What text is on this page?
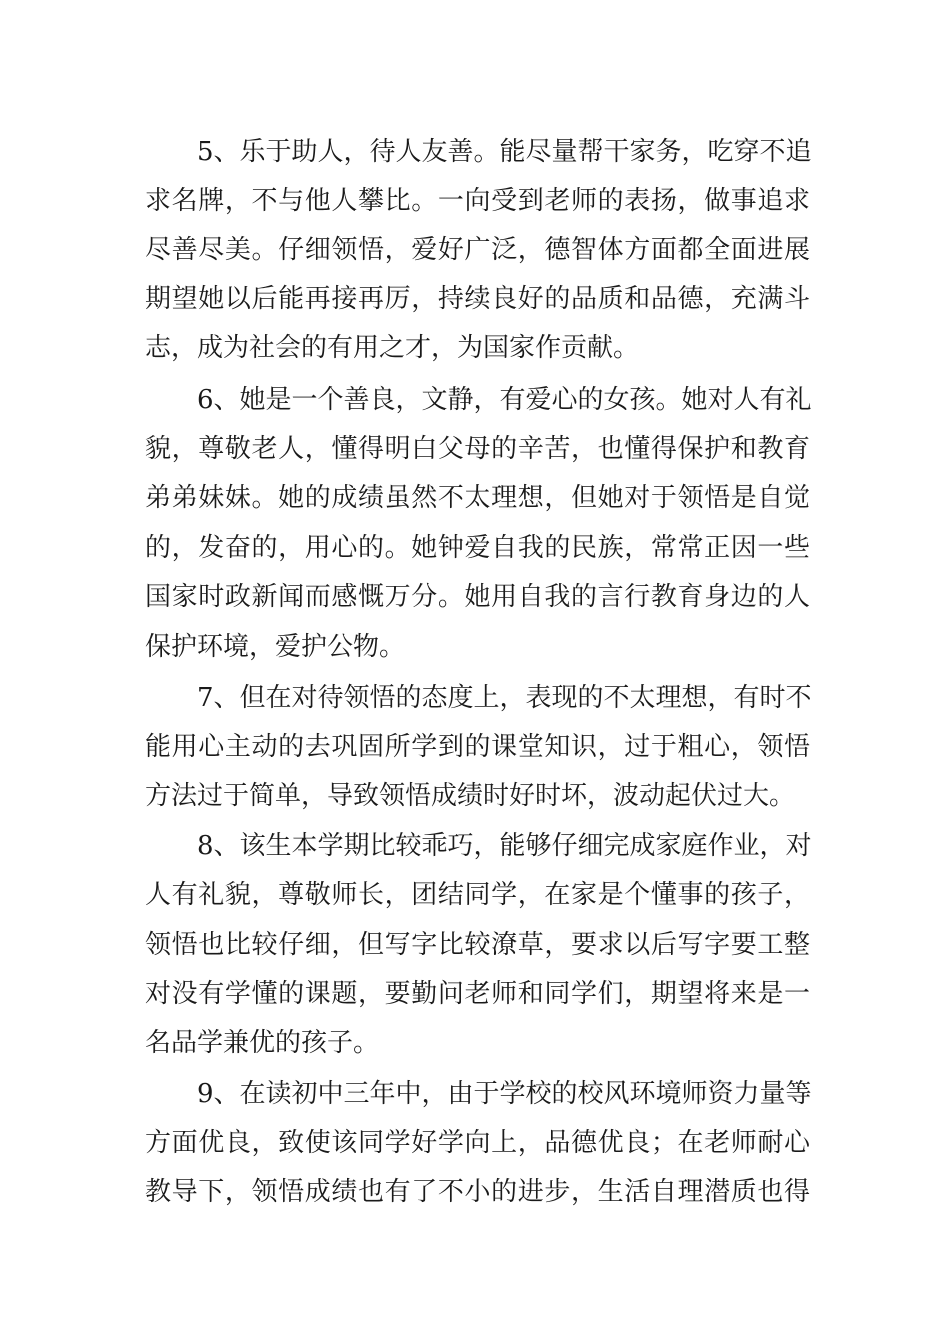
5、乐于助人，待人友善。能尽量帮干家务，吃穿不追
求名牌，不与他人攀比。一向受到老师的表扬，做事追求
尽善尽美。仔细领悟，爱好广泛，德智体方面都全面进展
期望她以后能再接再厉，持续良好的品质和品德，充满斗
志，成为社会的有用之才，为国家作贡献。
6、她是一个善良，文静，有爱心的女孩。她对人有礼
貌，尊敬老人，懂得明白父母的辛苦，也懂得保护和教育
弟弟妹妹。她的成绩虽然不太理想，但她对于领悟是自觉
的，发奋的，用心的。她钟爱自我的民族，常常正因一些
国家时政新闻而感慨万分。她用自我的言行教育身边的人
保护环境，爱护公物。
7、但在对待领悟的态度上，表现的不太理想，有时不
能用心主动的去巩固所学到的课堂知识，过于粗心，领悟
方法过于简单，导致领悟成绩时好时坏，波动起伏过大。
8、该生本学期比较乖巧，能够仔细完成家庭作业，对
人有礼貌，尊敬师长，团结同学，在家是个懂事的孩子，
领悟也比较仔细，但写字比较潦草，要求以后写字要工整
对没有学懂的课题，要勤问老师和同学们，期望将来是一
名品学兼优的孩子。
9、在读初中三年中，由于学校的校风环境师资力量等
方面优良，致使该同学好学向上，品德优良；在老师耐心
教导下，领悟成绩也有了不小的进步，生活自理潜质也得
